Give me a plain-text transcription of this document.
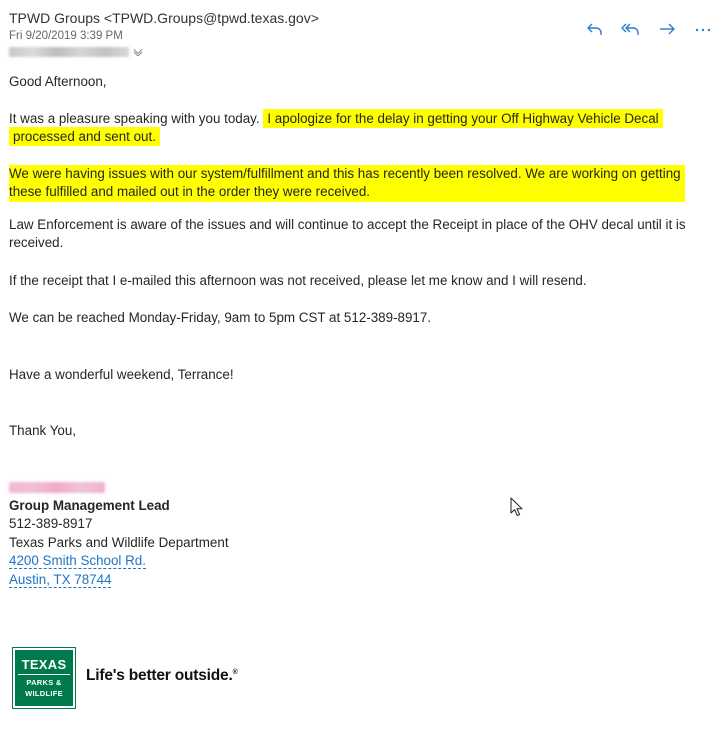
TPWD Groups <TPWD.Groups@tpwd.texas.gov>
Fri 9/20/2019 3:39 PM

Good Afternoon,

It was a pleasure speaking with you today. I apologize for the delay in getting your Off Highway Vehicle Decal processed and sent out.

We were having issues with our system/fulfillment and this has recently been resolved. We are working on getting these fulfilled and mailed out in the order they were received.

Law Enforcement is aware of the issues and will continue to accept the Receipt in place of the OHV decal until it is received.

If the receipt that I e-mailed this afternoon was not received, please let me know and I will resend.

We can be reached Monday-Friday, 9am to 5pm CST at 512-389-8917.

Have a wonderful weekend, Terrance!

Thank You,

Group Management Lead
512-389-8917
Texas Parks and Wildlife Department
4200 Smith School Rd.
Austin, TX 78744
TEXAS
PARKS &
WILDLIFE
Life's better outside.®
